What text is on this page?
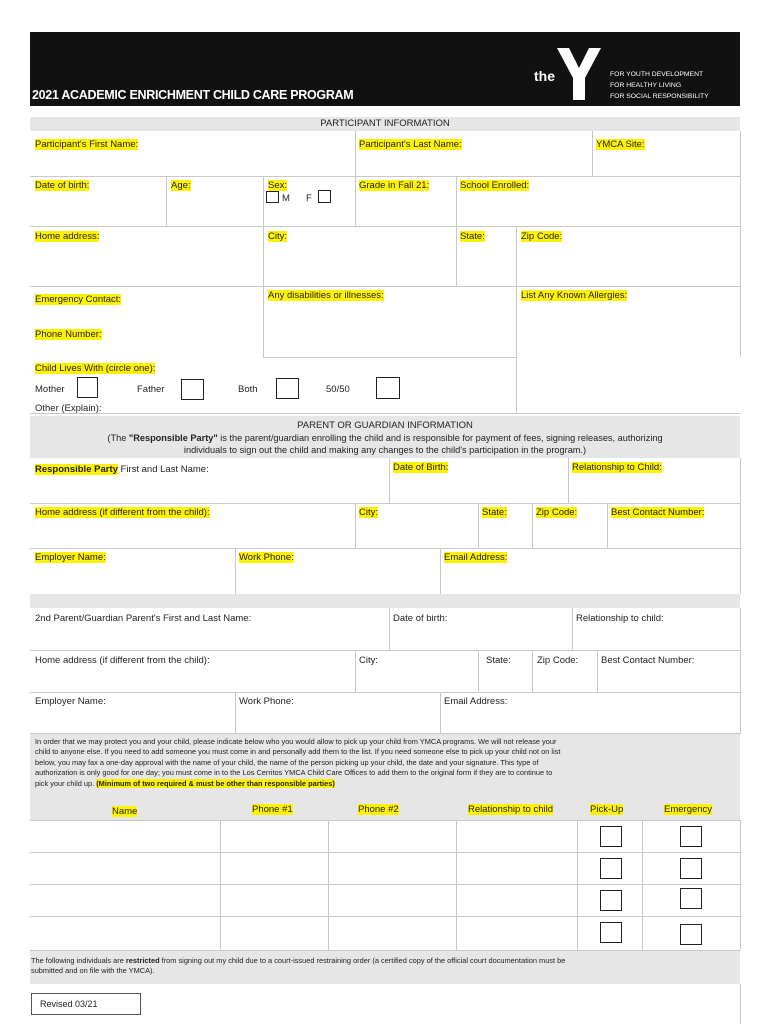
2021 ACADEMIC ENRICHMENT CHILD CARE PROGRAM
the	FOR YOUTH DEVELOPMENT
FOR HEALTHY LIVING
FOR SOCIAL RESPONSIBILITY
PARTICIPANT INFORMATION
Participant's First Name:	Participant's Last Name:	YMCA Site:
Date of birth:	Age:	Sex:
M F
Grade in Fall 21:	School Enrolled:
Home address:	City:	State:	Zip Code:
Emergency Contact:	Any disabilities or illnesses:	List Any Known Allergies:
Phone Number:
Child Lives With (circle one):
Mother	Father	Both	50/50
Other (Explain):
PARENT OR GUARDIAN INFORMATION
(The "Responsible Party" is the parent/guardian enrolling the child and is responsible for payment of fees, signing releases, authorizing
individuals to sign out the child and making any changes to the child's participation in the program.)
Responsible Party First and Last Name:	Date of Birth:	Relationship to Child:
Home address (if different from the child):	City:	State:	Zip Code:	Best Contact Number:
Employer Name:	Work Phone:	Email Address:
2nd Parent/Guardian Parent's First and Last Name:	Date of birth:	Relationship to child:
Home address (if different from the child):	City:	State:	Zip Code: Best Contact Number:
Employer Name:	Work Phone:	Email Address:
In order that we may protect you and your child, please indicate below who you would allow to pick up your child from YMCA programs. We will not release your
child to anyone else. If you need to add someone you must come in and personally add them to the list. If you need someone else to pick up your child not on list
below, you may fax a one-day approval with the name of your child, the name of the person picking up your child, the date and your signature. This type of
authorization is only good for one day; you must come in to the Los Cerritos YMCA Child Care Offices to add them to the original form if they are to continue to
pick your child up. (Minimum of two required & must be other than responsible parties)
Name	Phone #1	Phone #2	Relationship to child	Pick-Up	Emergency
The following individuals are restricted from signing out my child due to a court-issued restraining order (a certified copy of the official court documentation must be
submitted and on file with the YMCA).
Revised 03/21
